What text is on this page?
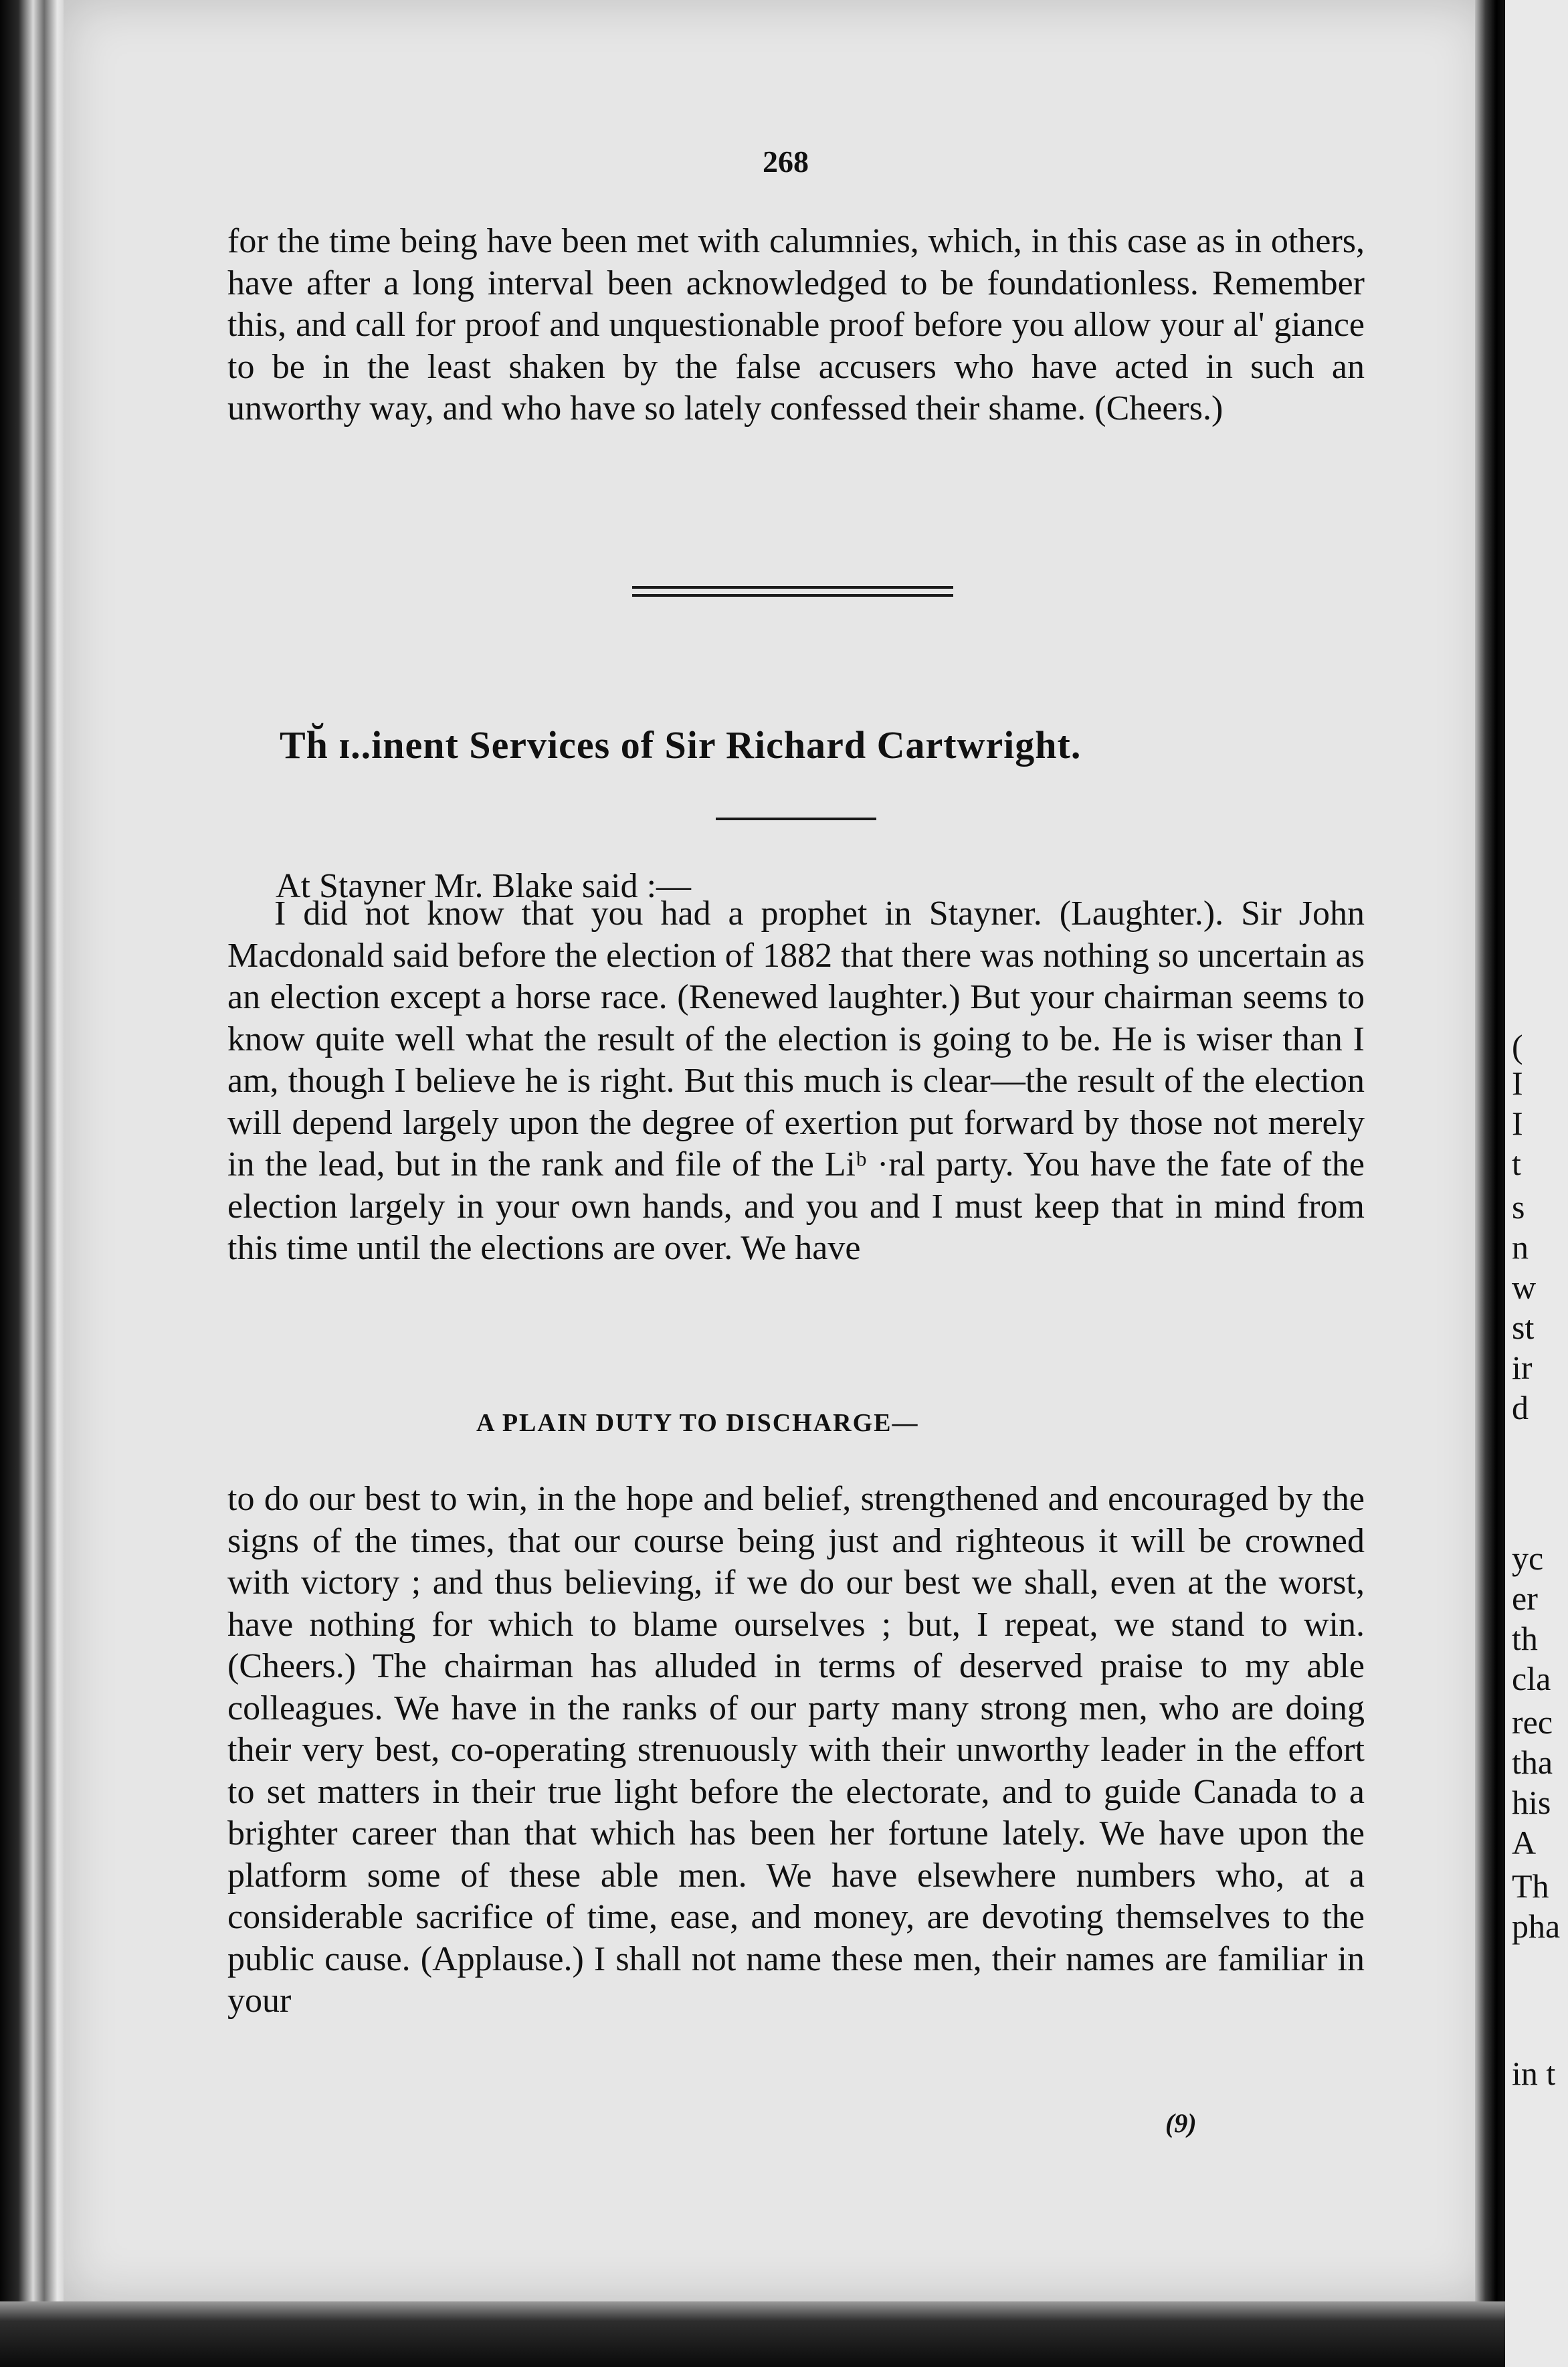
268

for the time being have been met with calumnies, which, in this case as in others, have after a long interval been acknowledged to be foundationless. Remember this, and call for proof and unquestionable proof before you allow your al' giance to be in the least shaken by the false accusers who have acted in such an unworthy way, and who have so lately confessed their shame. (Cheers.)

Th̆ ɪ..inent Services of Sir Richard Cartwright.
At Stayner Mr. Blake said :—

I did not know that you had a prophet in Stayner. (Laughter.). Sir John Macdonald said before the election of 1882 that there was nothing so uncertain as an election except a horse race. (Renewed laughter.) But your chairman seems to know quite well what the result of the election is going to be. He is wiser than I am, though I believe he is right. But this much is clear—the result of the election will depend largely upon the degree of exertion put forward by those not merely in the lead, but in the rank and file of the Liᵇ ·ral party. You have the fate of the election largely in your own hands, and you and I must keep that in mind from this time until the elections are over. We have

A PLAIN DUTY TO DISCHARGE—

to do our best to win, in the hope and belief, strengthened and encouraged by the signs of the times, that our course being just and righteous it will be crowned with victory ; and thus believing, if we do our best we shall, even at the worst, have nothing for which to blame ourselves ; but, I repeat, we stand to win. (Cheers.) The chairman has alluded in terms of deserved praise to my able colleagues. We have in the ranks of our party many strong men, who are doing their very best, co-operating strenuously with their unworthy leader in the effort to set matters in their true light before the electorate, and to guide Canada to a brighter career than that which has been her fortune lately. We have upon the platform some of these able men. We have elsewhere numbers who, at a considerable sacrifice of time, ease, and money, are devoting themselves to the public cause. (Applause.) I shall not name these men, their names are familiar in your

(9)
(
I
I
t
s
n
w
st
ir
d
yc
er
th
cla
rec
tha
his
A
Th
pha
in t
